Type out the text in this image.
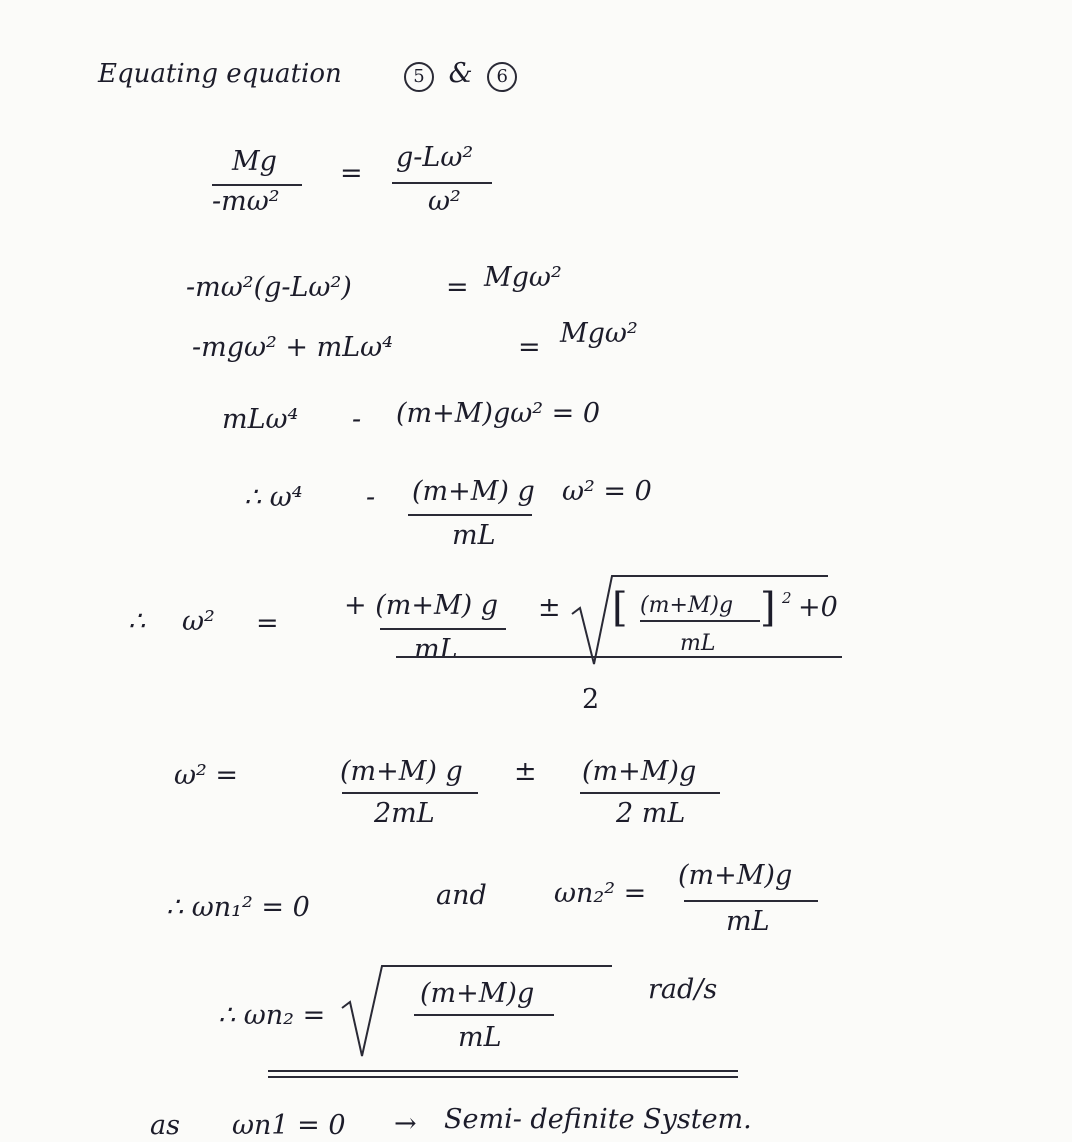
Equating equation	5 & 6
Mg
-mω²
=
g-Lω²
ω²
-mω²(g-Lω²)	= Mgω²
-mgω² + mLω⁴	= Mgω²
mLω⁴ - (m+M)gω² = 0
∴ ω⁴ - (m+M) g
mL
ω² = 0
∴ ω² =
+ (m+M) g
mL
± [ (m+M)g
mL
] 2 +0
2
ω² =	(m+M) g
2mL
± (m+M)g
2 mL
∴ ωn₁² = 0	and ωn₂² =
(m+M)g
mL
∴ ωn₂ =
(m+M)g
mL
rad/s
as ωn1 = 0 → Semi- definite System.
